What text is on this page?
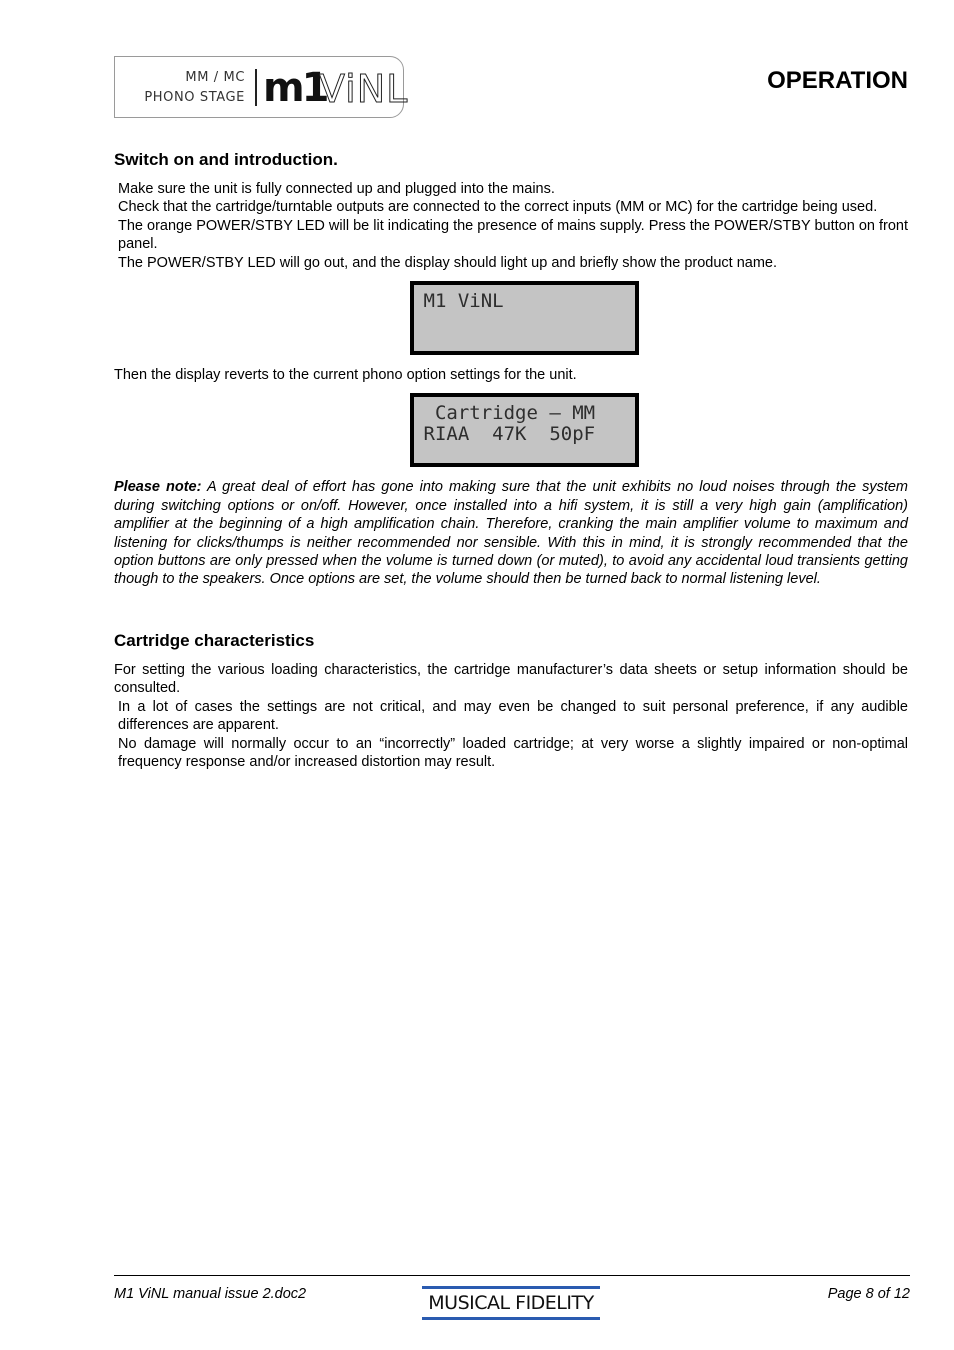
MM / MC
PHONO STAGE m1
ViNL	OPERATION
Switch on and introduction.

Make sure the unit is fully connected up and plugged into the mains.

Check that the cartridge/turntable outputs are connected to the correct inputs (MM or MC) for the cartridge being used.

The orange POWER/STBY LED will be lit indicating the presence of mains supply. Press the POWER/STBY button on front panel.

The POWER/STBY LED will go out, and the display should light up and briefly show the product name.

M1 ViNL

Then the display reverts to the current phono option settings for the unit.

Cartridge – MM
RIAA  47K  50pF

Please note: A great deal of effort has gone into making sure that the unit exhibits no loud noises through the system during switching options or on/off. However, once installed into a hifi system, it is still a very high gain (amplification) amplifier at the beginning of a high amplification chain. Therefore, cranking the main amplifier volume to maximum and listening for clicks/thumps is neither recommended nor sensible. With this in mind, it is strongly recommended that the option buttons are only pressed when the volume is turned down (or muted), to avoid any accidental loud transients getting though to the speakers. Once options are set, the volume should then be turned back to normal listening level.

Cartridge characteristics

For setting the various loading characteristics, the cartridge manufacturer’s data sheets or setup information should be consulted.

In a lot of cases the settings are not critical, and may even be changed to suit personal preference, if any audible differences are apparent.

No damage will normally occur to an “incorrectly” loaded cartridge; at very worse a slightly impaired or non-optimal frequency response and/or increased distortion may result.

M1 ViNL manual issue 2.doc2	MUSICAL FIDELITY	Page 8 of 12
